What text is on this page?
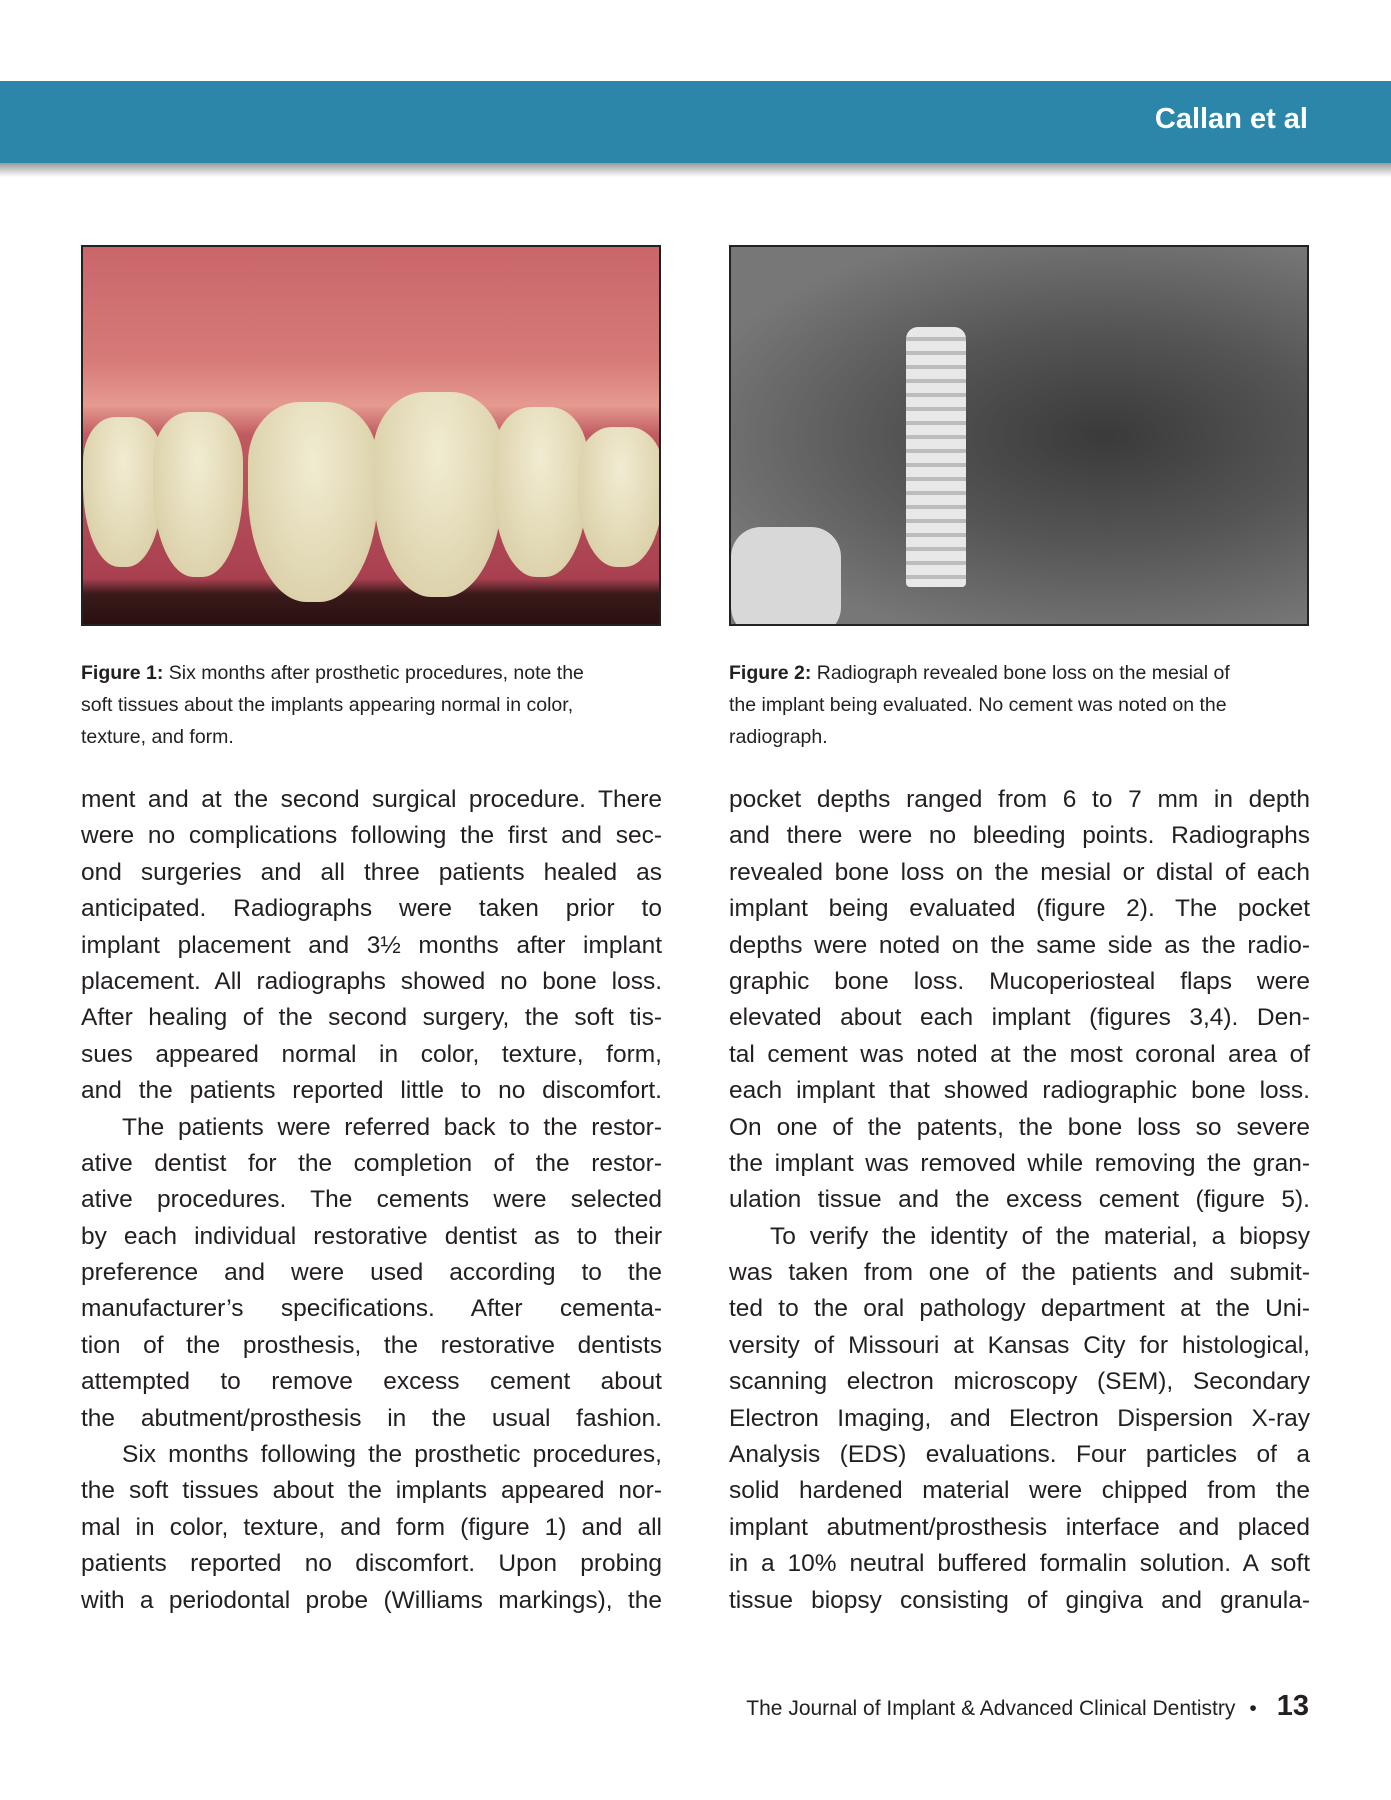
Callan et al
Figure 1: Six months after prosthetic procedures, note the
soft tissues about the implants appearing normal in color,
texture, and form.
Figure 2: Radiograph revealed bone loss on the mesial of
the implant being evaluated. No cement was noted on the
radiograph.
ment and at the second surgical procedure. There
were no complications following the first and sec-
ond surgeries and all three patients healed as
anticipated. Radiographs were taken prior to
implant placement and 3½ months after implant
placement. All radiographs showed no bone loss.
After healing of the second surgery, the soft tis-
sues appeared normal in color, texture, form,
and the patients reported little to no discomfort.
The patients were referred back to the restor-
ative dentist for the completion of the restor-
ative procedures. The cements were selected
by each individual restorative dentist as to their
preference and were used according to the
manufacturer’s specifications. After cementa-
tion of the prosthesis, the restorative dentists
attempted to remove excess cement about
the abutment/prosthesis in the usual fashion.
Six months following the prosthetic procedures,
the soft tissues about the implants appeared nor-
mal in color, texture, and form (figure 1) and all
patients reported no discomfort. Upon probing
with a periodontal probe (Williams markings), the
pocket depths ranged from 6 to 7 mm in depth
and there were no bleeding points. Radiographs
revealed bone loss on the mesial or distal of each
implant being evaluated (figure 2). The pocket
depths were noted on the same side as the radio-
graphic bone loss. Mucoperiosteal flaps were
elevated about each implant (figures 3,4). Den-
tal cement was noted at the most coronal area of
each implant that showed radiographic bone loss.
On one of the patents, the bone loss so severe
the implant was removed while removing the gran-
ulation tissue and the excess cement (figure 5).
To verify the identity of the material, a biopsy
was taken from one of the patients and submit-
ted to the oral pathology department at the Uni-
versity of Missouri at Kansas City for histological,
scanning electron microscopy (SEM), Secondary
Electron Imaging, and Electron Dispersion X-ray
Analysis (EDS) evaluations. Four particles of a
solid hardened material were chipped from the
implant abutment/prosthesis interface and placed
in a 10% neutral buffered formalin solution. A soft
tissue biopsy consisting of gingiva and granula-
The Journal of Implant & Advanced Clinical Dentistry • 13
